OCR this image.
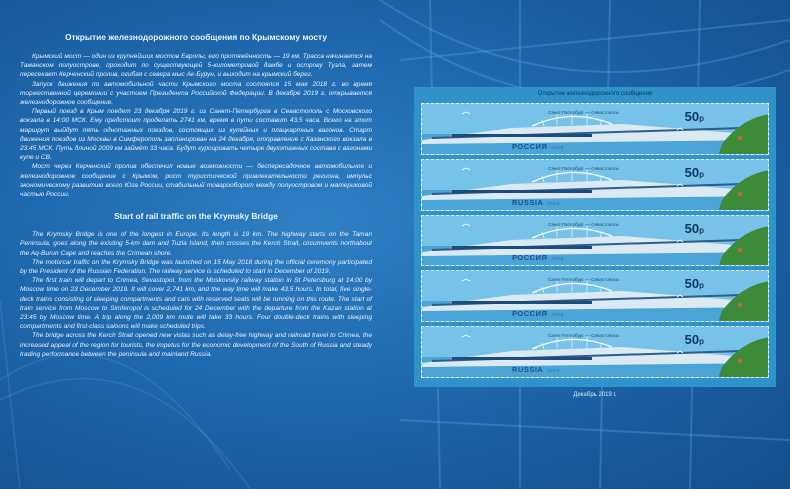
Открытие железнодорожного сообщения по Крымскому мосту

Крымский мост — один из крупнейших мостов Европы, его протяжённость — 19 км. Трасса начинается на Таманском полуострове, проходит по существующей 5-километровой дамбе и острову Тузла, затем пересекает Керченский пролив, огибая с севера мыс Ак-Бурун, и выходит на крымский берег.

Запуск движения по автомобильной части Крымского моста состоялся 15 мая 2018 г. во время торжественной церемонии с участием Президента Российской Федерации. В декабре 2019 г. открывается железнодорожное сообщение.

Первый поезд в Крым поедет 23 декабря 2019 г. из Санкт-Петербурга в Севастополь с Московского вокзала в 14:00 МСК. Ему предстоит проделать 2741 км, время в пути составит 43,5 часа. Всего на этот маршрут выйдут пять однотажных поездов, состоящих из купейных и плацкартных вагонов. Старт движения поездов из Москвы в Симферополь запланирован на 24 декабря, отправление с Казанского вокзала в 23:45 МСК. Путь длиной 2009 км займёт 33 часа. Будут курсировать четыре двухэтажных состава с вагонами купе и СВ.

Мост через Керченский пролив обеспечил новые возможности — беспересадочное автомобильное и железнодорожное сообщение с Крымом, рост туристической привлекательности региона, импульс экономическому развитию всего Юга России, стабильный товарооборот между полуостровом и материковой частью России.

Start of rail traffic on the Krymsky Bridge

The Krymsky Bridge is one of the longest in Europe. Its length is 19 km. The highway starts on the Taman Peninsula, goes along the existing 5-km dam and Tuzla Island, then crosses the Kerch Strait, circumvents northabout the Aq-Burun Cape and reaches the Crimean shore.

The motorcar traffic on the Krymsky Bridge was launched on 15 May 2018 during the official ceremony participated by the President of the Russian Federation. The railway service is scheduled to start in December of 2019.

The first train will depart to Crimea, Sevastopol, from the Moskovsky railway station in St Petersburg at 14:00 by Moscow time on 23 December 2019. It will cover 2,741 km, and the way time will make 43.5 hours. In total, five single-deck trains consisting of sleeping compartments and cars with reserved seats will be running on this route. The start of train service from Moscow to Simferopol is scheduled for 24 December with the departure from the Kazan station at 23:45 by Moscow time. A trip along the 2,009 km route will take 33 hours. Four double-deck trains with sleeping compartments and first-class saloons will make scheduled trips.

The bridge across the Kerch Strait opened new vistas such as delay-free highway and railroad travel to Crimea, the increased appeal of the region for tourists, the impetus for the economic development of the South of Russia and steady trading performance between the peninsula and mainland Russia.

Открытие железнодорожного сообщения
Санкт-Петербург — Севастополь	50р
РОССИЯ 2019
Санкт-Петербург — Севастополь	50р
RUSSIA 2019
Санкт-Петербург — Севастополь	50р
РОССИЯ 2019
Санкт-Петербург — Севастополь	50р
РОССИЯ 2019
Санкт-Петербург — Севастополь	50р
RUSSIA 2019
Декабрь 2019 г.
